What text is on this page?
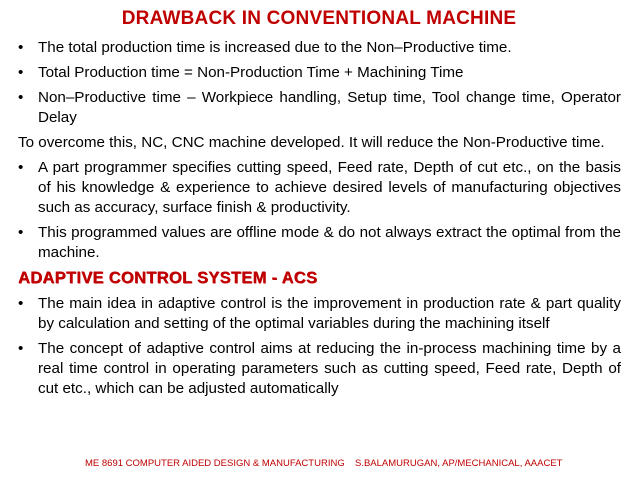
DRAWBACK IN CONVENTIONAL MACHINE
• The total production time is increased due to the Non–Productive time.
• Total Production time = Non-Production Time + Machining Time
• Non–Productive time – Workpiece handling, Setup time, Tool change time, Operator Delay
To overcome this, NC, CNC machine developed. It will reduce the Non-Productive time.
• A part programmer specifies cutting speed, Feed rate, Depth of cut etc., on the basis of his knowledge & experience to achieve desired levels of manufacturing objectives such as accuracy, surface finish & productivity.
• This programmed values are offline mode & do not always extract the optimal from the machine.
ADAPTIVE CONTROL SYSTEM - ACS
• The main idea in adaptive control is the improvement in production rate & part quality by calculation and setting of the optimal variables during the machining itself
• The concept of adaptive control aims at reducing the in-process machining time by a real time control in operating parameters such as cutting speed, Feed rate, Depth of cut etc., which can be adjusted automatically
ME 8691 COMPUTER AIDED DESIGN & MANUFACTURING S.BALAMURUGAN, AP/MECHANICAL, AAACET
